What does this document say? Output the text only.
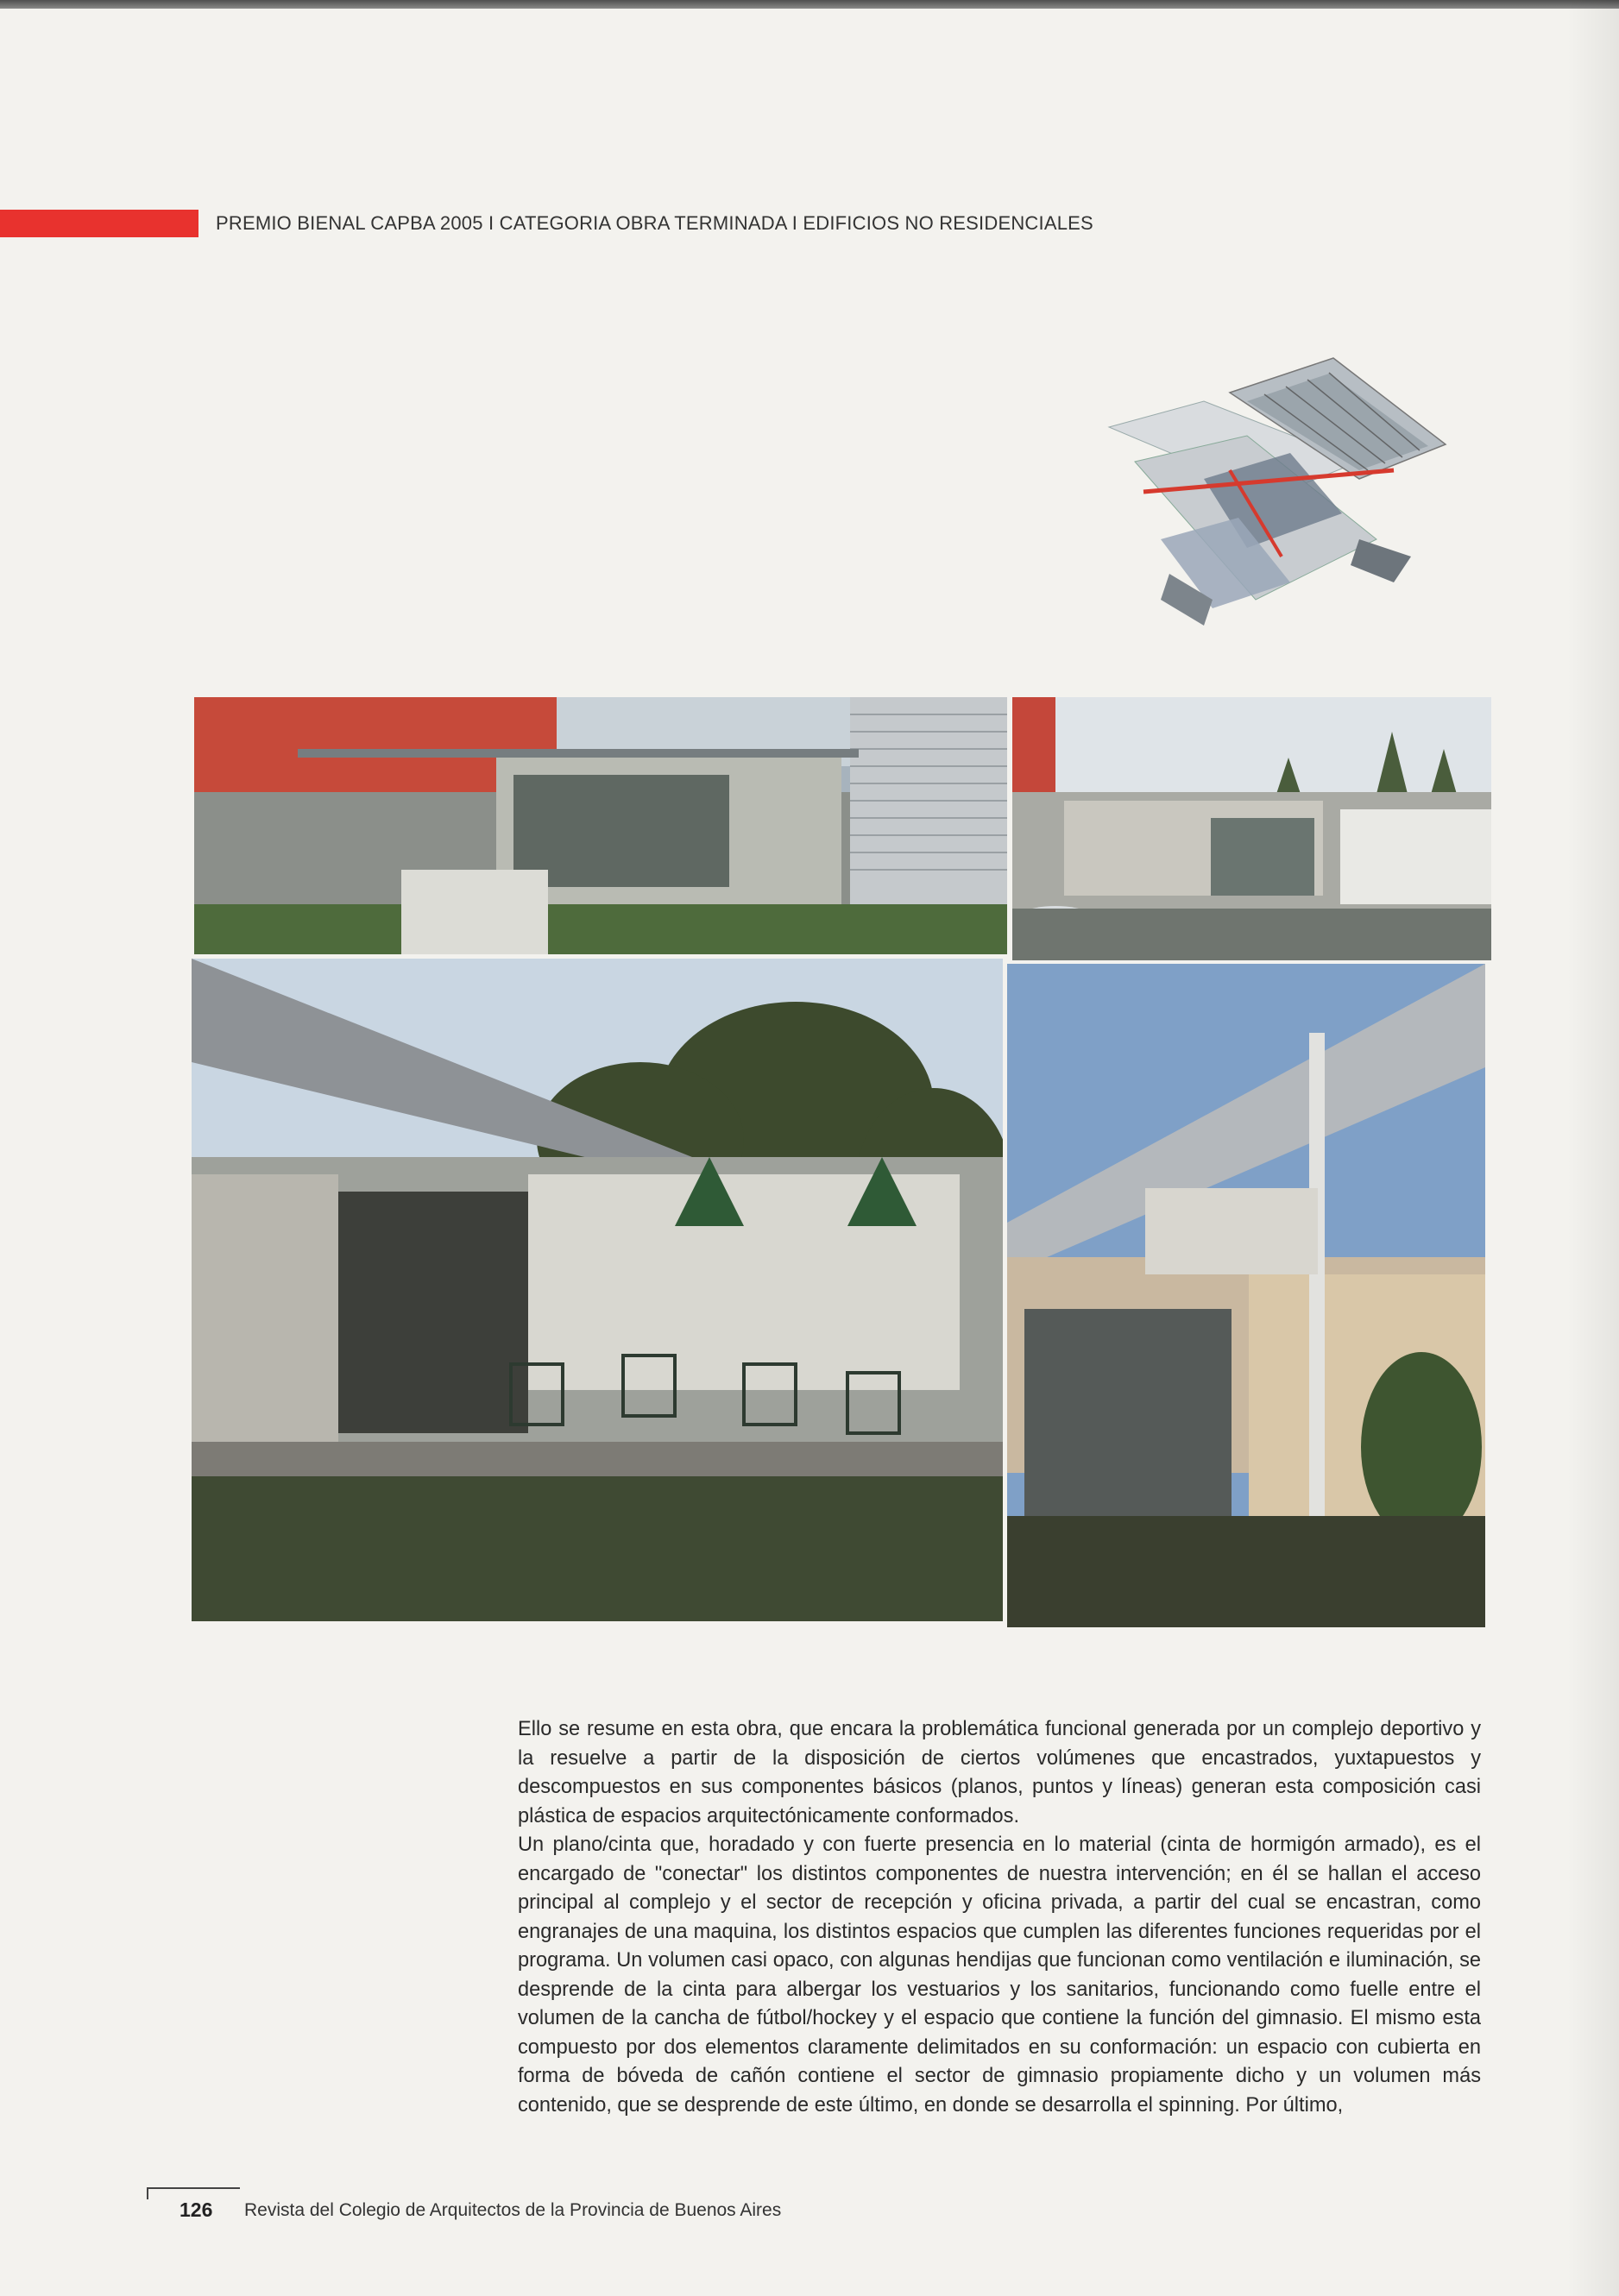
PREMIO BIENAL CAPBA 2005 I CATEGORIA OBRA TERMINADA I EDIFICIOS NO RESIDENCIALES

Ello se resume en esta obra, que encara la problemática funcional generada por un complejo deportivo y la resuelve a partir de la disposición de ciertos volúmenes que encastrados, yuxtapuestos y descompuestos en sus componentes básicos (planos, puntos y líneas) generan esta composición casi plástica de espacios arquitectónicamente conformados.

Un plano/cinta que, horadado y con fuerte presencia en lo material (cinta de hormigón armado), es el encargado de "conectar" los distintos componentes de nuestra intervención; en él se hallan el acceso principal al complejo y el sector de recepción y oficina privada, a partir del cual se encastran, como engranajes de una maquina, los distintos espacios que cumplen las diferentes funciones requeridas por el programa. Un volumen casi opaco, con algunas hendijas que funcionan como ventilación e iluminación, se desprende de la cinta para albergar los vestuarios y los sanitarios, funcionando como fuelle entre el volumen de la cancha de fútbol/hockey y el espacio que contiene la función del gimnasio. El mismo esta compuesto por dos elementos claramente delimitados en su conformación: un espacio con cubierta en forma de bóveda de cañón contiene el sector de gimnasio propiamente dicho y un volumen más contenido, que se desprende de este último, en donde se desarrolla el spinning. Por último,

126 Revista del Colegio de Arquitectos de la Provincia de Buenos Aires
